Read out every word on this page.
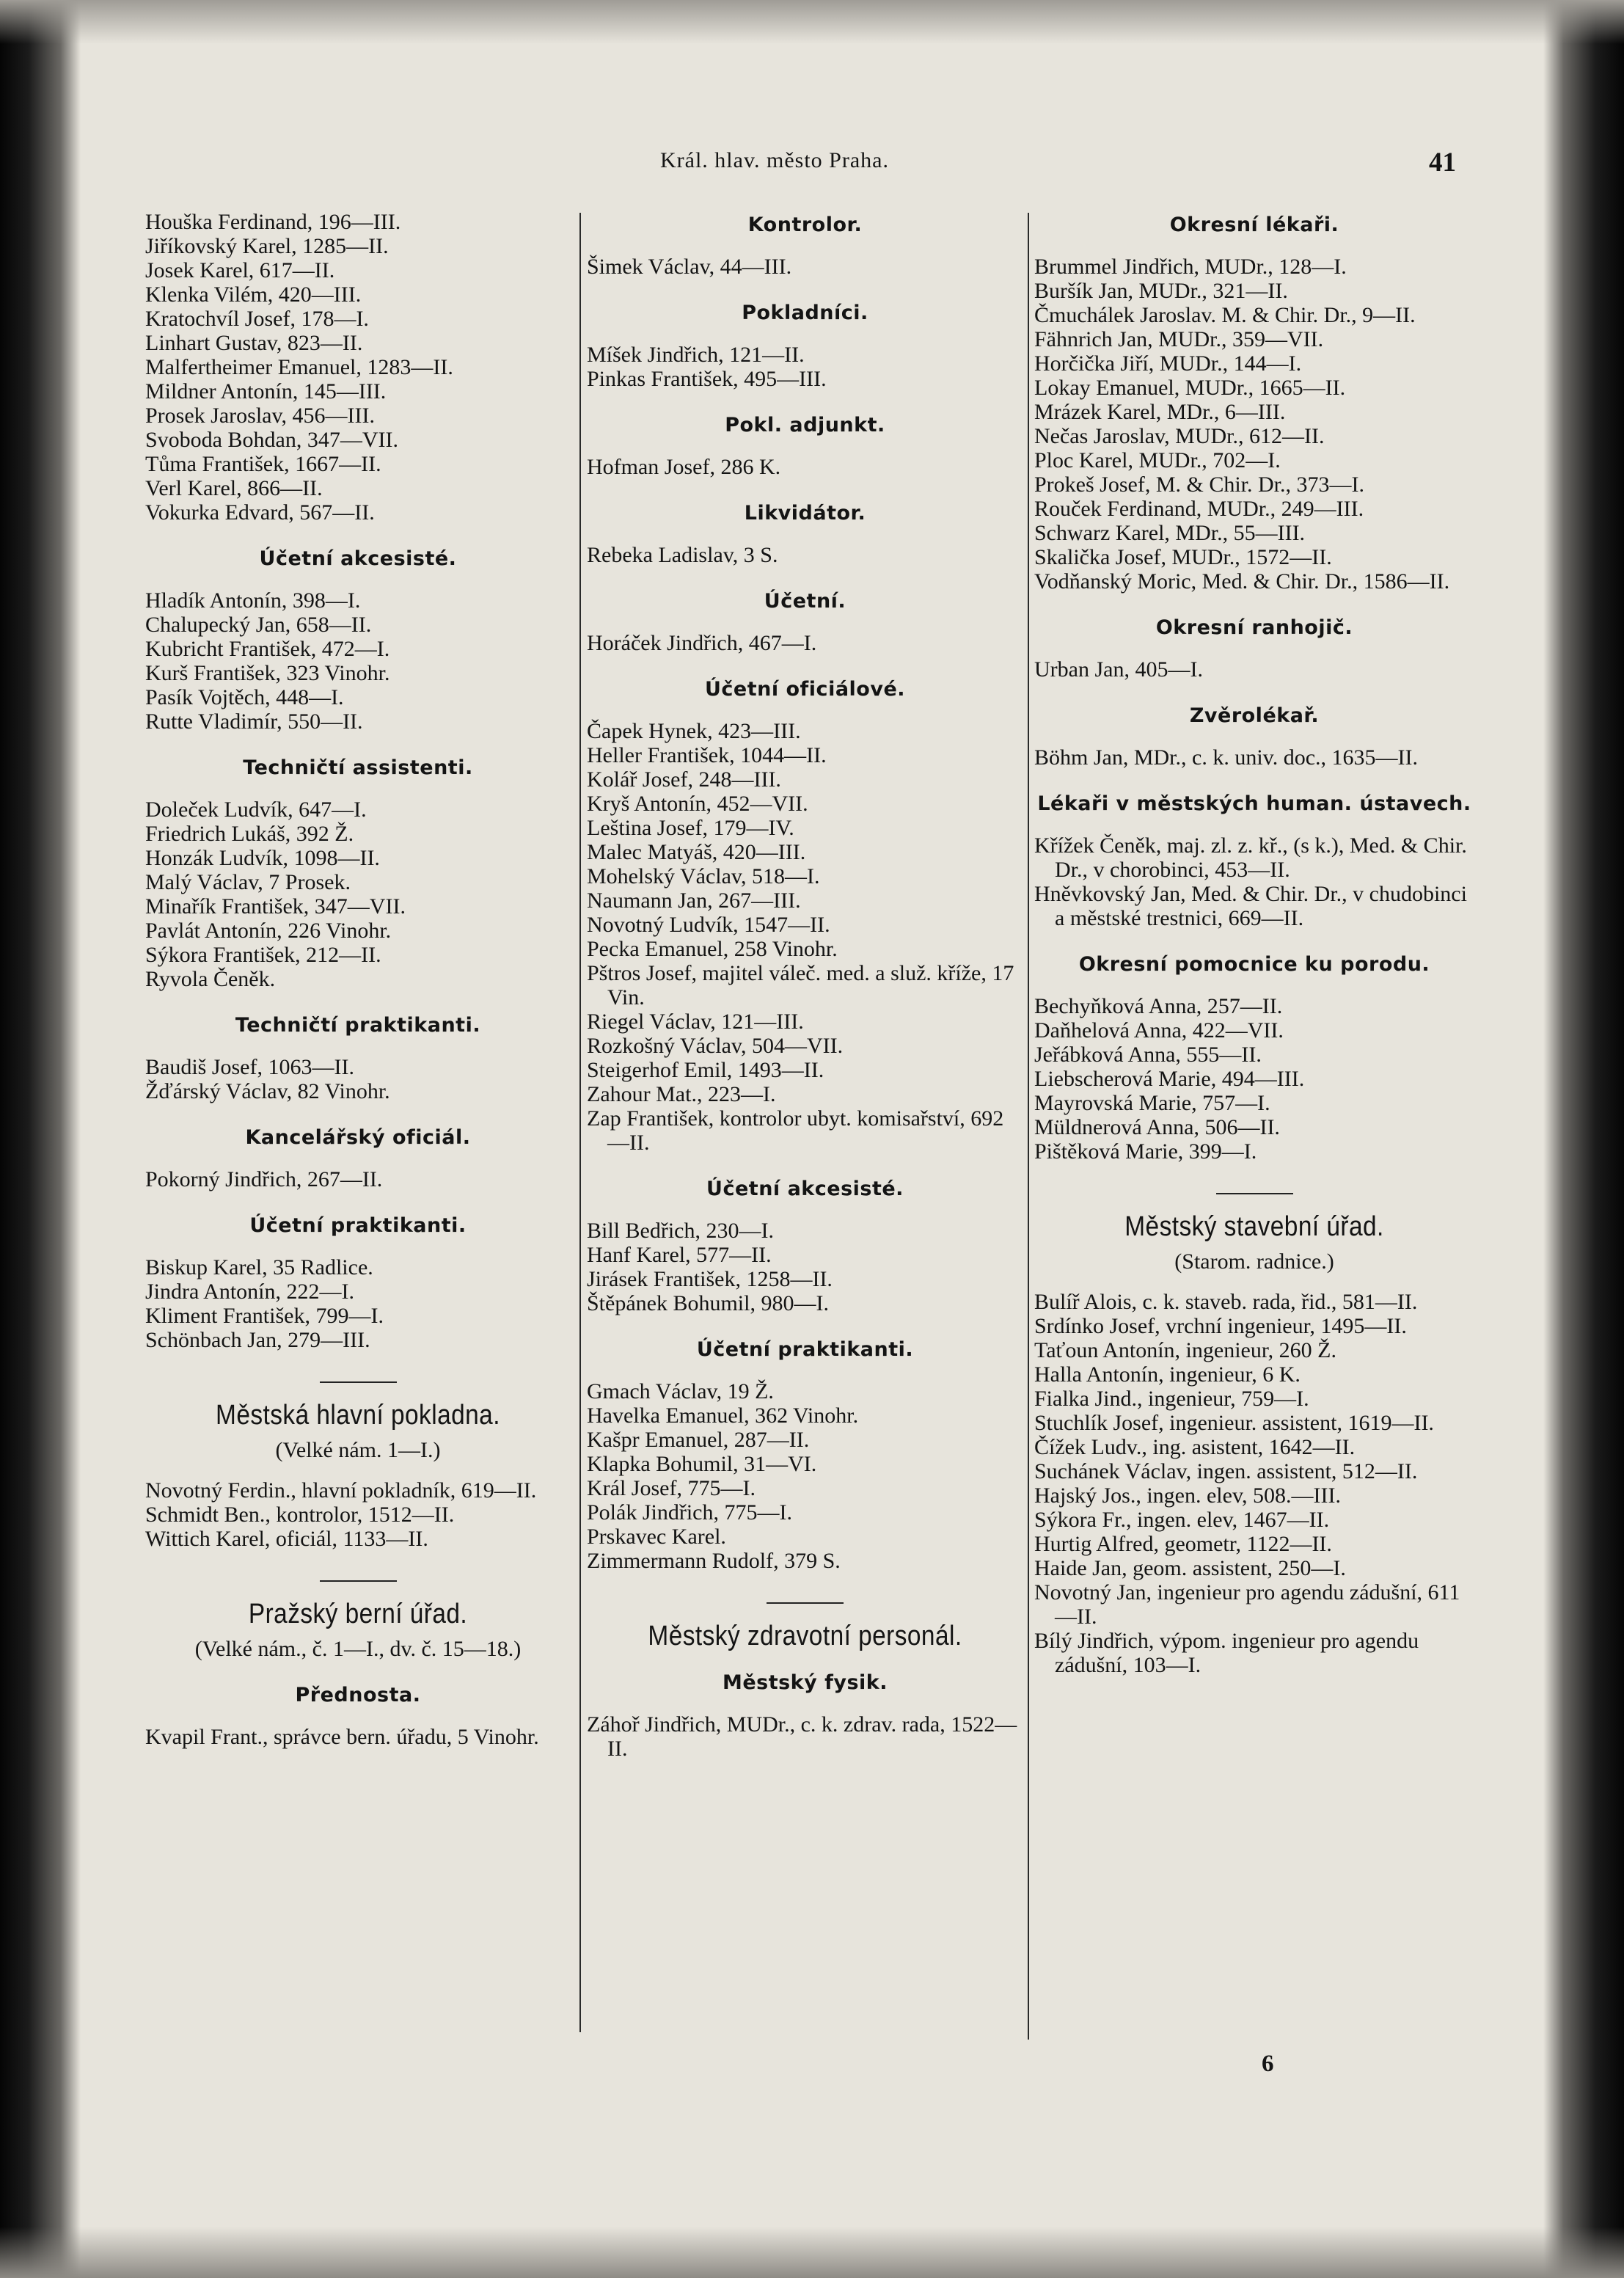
Král. hlav. město Praha.	41
Houška Ferdinand, 196—III.
Jiříkovský Karel, 1285—II.
Josek Karel, 617—II.
Klenka Vilém, 420—III.
Kratochvíl Josef, 178—I.
Linhart Gustav, 823—II.
Malfertheimer Emanuel, 1283—II.
Mildner Antonín, 145—III.
Prosek Jaroslav, 456—III.
Svoboda Bohdan, 347—VII.
Tůma František, 1667—II.
Verl Karel, 866—II.
Vokurka Edvard, 567—II.
Účetní akcesisté.
Hladík Antonín, 398—I.
Chalupecký Jan, 658—II.
Kubricht František, 472—I.
Kurš František, 323 Vinohr.
Pasík Vojtěch, 448—I.
Rutte Vladimír, 550—II.
Techničtí assistenti.
Doleček Ludvík, 647—I.
Friedrich Lukáš, 392 Ž.
Honzák Ludvík, 1098—II.
Malý Václav, 7 Prosek.
Minařík František, 347—VII.
Pavlát Antonín, 226 Vinohr.
Sýkora František, 212—II.
Ryvola Čeněk.
Techničtí praktikanti.
Baudiš Josef, 1063—II.
Žďárský Václav, 82 Vinohr.
Kancelářský oficiál.
Pokorný Jindřich, 267—II.
Účetní praktikanti.
Biskup Karel, 35 Radlice.
Jindra Antonín, 222—I.
Kliment František, 799—I.
Schönbach Jan, 279—III.
Městská hlavní pokladna.
(Velké nám. 1—I.)
Novotný Ferdin., hlavní pokladník, 619—II.
Schmidt Ben., kontrolor, 1512—II.
Wittich Karel, oficiál, 1133—II.
Pražský berní úřad.
(Velké nám., č. 1—I., dv. č. 15—18.)
Přednosta.
Kvapil Frant., správce bern. úřadu, 5 Vinohr.
Kontrolor.
Šimek Václav, 44—III.
Pokladníci.
Míšek Jindřich, 121—II.
Pinkas František, 495—III.
Pokl. adjunkt.
Hofman Josef, 286 K.
Likvidátor.
Rebeka Ladislav, 3 S.
Účetní.
Horáček Jindřich, 467—I.
Účetní oficiálové.
Čapek Hynek, 423—III.
Heller František, 1044—II.
Kolář Josef, 248—III.
Kryš Antonín, 452—VII.
Leština Josef, 179—IV.
Malec Matyáš, 420—III.
Mohelský Václav, 518—I.
Naumann Jan, 267—III.
Novotný Ludvík, 1547—II.
Pecka Emanuel, 258 Vinohr.
Pštros Josef, majitel váleč. med. a služ. kříže, 17 Vin.
Riegel Václav, 121—III.
Rozkošný Václav, 504—VII.
Steigerhof Emil, 1493—II.
Zahour Mat., 223—I.
Zap František, kontrolor ubyt. komisařství, 692—II.
Účetní akcesisté.
Bill Bedřich, 230—I.
Hanf Karel, 577—II.
Jirásek František, 1258—II.
Štěpánek Bohumil, 980—I.
Účetní praktikanti.
Gmach Václav, 19 Ž.
Havelka Emanuel, 362 Vinohr.
Kašpr Emanuel, 287—II.
Klapka Bohumil, 31—VI.
Král Josef, 775—I.
Polák Jindřich, 775—I.
Prskavec Karel.
Zimmermann Rudolf, 379 S.
Městský zdravotní personál.
Městský fysik.
Záhoř Jindřich, MUDr., c. k. zdrav. rada, 1522—II.
Okresní lékaři.
Brummel Jindřich, MUDr., 128—I.
Buršík Jan, MUDr., 321—II.
Čmuchálek Jaroslav. M. & Chir. Dr., 9—II.
Fähnrich Jan, MUDr., 359—VII.
Horčička Jiří, MUDr., 144—I.
Lokay Emanuel, MUDr., 1665—II.
Mrázek Karel, MDr., 6—III.
Nečas Jaroslav, MUDr., 612—II.
Ploc Karel, MUDr., 702—I.
Prokeš Josef, M. & Chir. Dr., 373—I.
Rouček Ferdinand, MUDr., 249—III.
Schwarz Karel, MDr., 55—III.
Skalička Josef, MUDr., 1572—II.
Vodňanský Moric, Med. & Chir. Dr., 1586—II.
Okresní ranhojič.
Urban Jan, 405—I.
Zvěrolékař.
Böhm Jan, MDr., c. k. univ. doc., 1635—II.
Lékaři v městských human. ústavech.
Křížek Čeněk, maj. zl. z. kř., (s k.), Med. & Chir. Dr., v chorobinci, 453—II.
Hněvkovský Jan, Med. & Chir. Dr., v chudobinci a městské trestnici, 669—II.
Okresní pomocnice ku porodu.
Bechyňková Anna, 257—II.
Daňhelová Anna, 422—VII.
Jeřábková Anna, 555—II.
Liebscherová Marie, 494—III.
Mayrovská Marie, 757—I.
Müldnerová Anna, 506—II.
Pištěková Marie, 399—I.
Městský stavební úřad.
(Starom. radnice.)
Bulíř Alois, c. k. staveb. rada, řid., 581—II.
Srdínko Josef, vrchní ingenieur, 1495—II.
Taťoun Antonín, ingenieur, 260 Ž.
Halla Antonín, ingenieur, 6 K.
Fialka Jind., ingenieur, 759—I.
Stuchlík Josef, ingenieur. assistent, 1619—II.
Čížek Ludv., ing. asistent, 1642—II.
Suchánek Václav, ingen. assistent, 512—II.
Hajský Jos., ingen. elev, 508.—III.
Sýkora Fr., ingen. elev, 1467—II.
Hurtig Alfred, geometr, 1122—II.
Haide Jan, geom. assistent, 250—I.
Novotný Jan, ingenieur pro agendu zádušní, 611—II.
Bílý Jindřich, výpom. ingenieur pro agendu zádušní, 103—I.
6
